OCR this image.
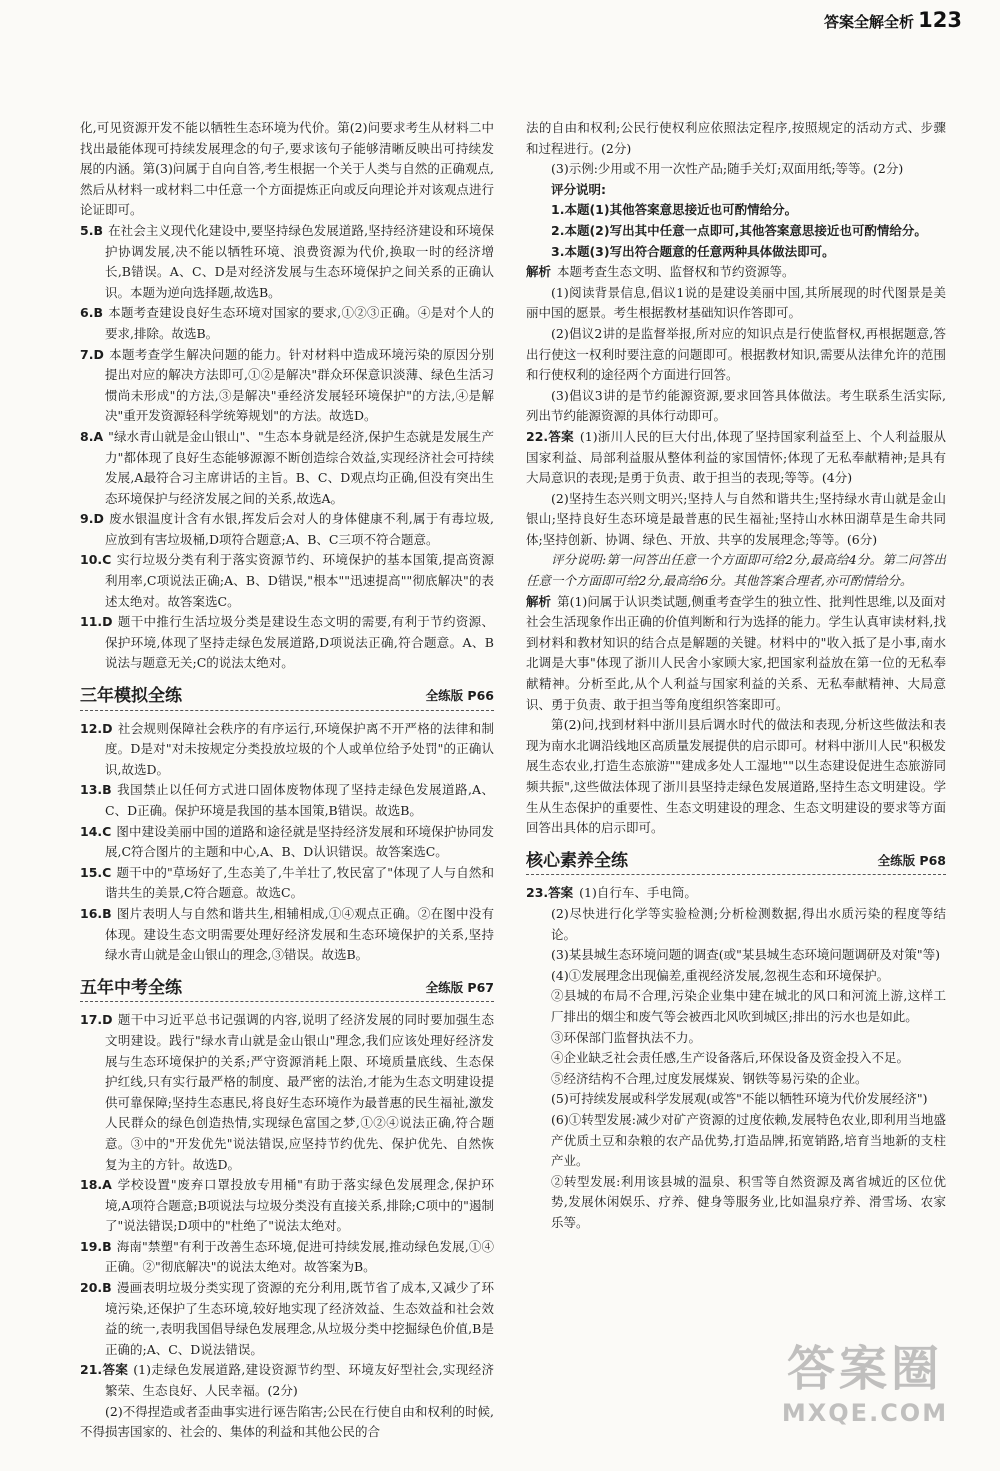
答案全解全析 123

化,可见资源开发不能以牺牲生态环境为代价。第(2)问要求考生从材料二中找出最能体现可持续发展理念的句子,要求该句子能够清晰反映出可持续发展的内涵。第(3)问属于自向自答,考生根据一个关于人类与自然的正确观点,然后从材料一或材料二中任意一个方面提炼正向或反向理论并对该观点进行论证即可。

5.B 在社会主义现代化建设中,要坚持绿色发展道路,坚持经济建设和环境保护协调发展,决不能以牺牲环境、浪费资源为代价,换取一时的经济增长,B错误。A、C、D是对经济发展与生态环境保护之间关系的正确认识。本题为逆向选择题,故选B。

6.B 本题考查建设良好生态环境对国家的要求,①②③正确。④是对个人的要求,排除。故选B。

7.D 本题考查学生解决问题的能力。针对材料中造成环境污染的原因分别提出对应的解决方法即可,①②是解决"群众环保意识淡薄、绿色生活习惯尚未形成"的方法,③是解决"垂经济发展轻环境保护"的方法,④是解决"重开发资源轻科学统筹规划"的方法。故选D。

8.A "绿水青山就是金山银山"、"生态本身就是经济,保护生态就是发展生产力"都体现了良好生态能够源源不断创造综合效益,实现经济社会可持续发展,A最符合习主席讲话的主旨。B、C、D观点均正确,但没有突出生态环境保护与经济发展之间的关系,故选A。

9.D 废水银温度计含有水银,挥发后会对人的身体健康不利,属于有毒垃圾,应放到有害垃圾桶,D项符合题意;A、B、C三项不符合题意。

10.C 实行垃圾分类有利于落实资源节约、环境保护的基本国策,提高资源利用率,C项说法正确;A、B、D错误,"根本""迅速提高""彻底解决"的表述太绝对。故答案选C。

11.D 题干中推行生活垃圾分类是建设生态文明的需要,有利于节约资源、保护环境,体现了坚持走绿色发展道路,D项说法正确,符合题意。A、B说法与题意无关;C的说法太绝对。

三年模拟全练	全练版 P66

12.D 社会规则保障社会秩序的有序运行,环境保护离不开严格的法律和制度。D是对"对未按规定分类投放垃圾的个人或单位给予处罚"的正确认识,故选D。

13.B 我国禁止以任何方式进口固体废物体现了坚持走绿色发展道路,A、C、D正确。保护环境是我国的基本国策,B错误。故选B。

14.C 图中建设美丽中国的道路和途径就是坚持经济发展和环境保护协同发展,C符合图片的主题和中心,A、B、D认识错误。故答案选C。

15.C 题干中的"草场好了,生态美了,牛羊壮了,牧民富了"体现了人与自然和谐共生的美景,C符合题意。故选C。

16.B 图片表明人与自然和谐共生,相辅相成,①④观点正确。②在图中没有体现。建设生态文明需要处理好经济发展和生态环境保护的关系,坚持绿水青山就是金山银山的理念,③错误。故选B。

五年中考全练	全练版 P67

17.D 题干中习近平总书记强调的内容,说明了经济发展的同时要加强生态文明建设。践行"绿水青山就是金山银山"理念,我们应该处理好经济发展与生态环境保护的关系;严守资源消耗上限、环境质量底线、生态保护红线,只有实行最严格的制度、最严密的法治,才能为生态文明建设提供可靠保障;坚持生态惠民,将良好生态环境作为最普惠的民生福祉,激发人民群众的绿色创造热情,实现绿色富国之梦,①②④说法正确,符合题意。③中的"开发优先"说法错误,应坚持节约优先、保护优先、自然恢复为主的方针。故选D。

18.A 学校设置"废弃口罩投放专用桶"有助于落实绿色发展理念,保护环境,A项符合题意;B项说法与垃圾分类没有直接关系,排除;C项中的"遏制了"说法错误;D项中的"杜绝了"说法太绝对。

19.B 海南"禁塑"有利于改善生态环境,促进可持续发展,推动绿色发展,①④正确。②"彻底解决"的说法太绝对。故答案为B。

20.B 漫画表明垃圾分类实现了资源的充分利用,既节省了成本,又减少了环境污染,还保护了生态环境,较好地实现了经济效益、生态效益和社会效益的统一,表明我国倡导绿色发展理念,从垃圾分类中挖掘绿色价值,B是正确的;A、C、D说法错误。

21.答案 (1)走绿色发展道路,建设资源节约型、环境友好型社会,实现经济繁荣、生态良好、人民幸福。(2分)

(2)不得捏造或者歪曲事实进行诬告陷害;公民在行使自由和权利的时候,不得损害国家的、社会的、集体的利益和其他公民的合

法的自由和权利;公民行使权利应依照法定程序,按照规定的活动方式、步骤和过程进行。(2分)

(3)示例:少用或不用一次性产品;随手关灯;双面用纸;等等。(2分)

评分说明:

1.本题(1)其他答案意思接近也可酌情给分。

2.本题(2)写出其中任意一点即可,其他答案意思接近也可酌情给分。

3.本题(3)写出符合题意的任意两种具体做法即可。

解析 本题考查生态文明、监督权和节约资源等。

(1)阅读背景信息,倡议1说的是建设美丽中国,其所展现的时代图景是美丽中国的愿景。考生根据教材基础知识作答即可。

(2)倡议2讲的是监督举报,所对应的知识点是行使监督权,再根据题意,答出行使这一权利时要注意的问题即可。根据教材知识,需要从法律允许的范围和行使权利的途径两个方面进行回答。

(3)倡议3讲的是节约能源资源,要求回答具体做法。考生联系生活实际,列出节约能源资源的具体行动即可。

22.答案 (1)浙川人民的巨大付出,体现了坚持国家利益至上、个人利益服从国家利益、局部利益服从整体利益的家国情怀;体现了无私奉献精神;是具有大局意识的表现;是勇于负责、敢于担当的表现;等等。(4分)

(2)坚持生态兴则文明兴;坚持人与自然和谐共生;坚持绿水青山就是金山银山;坚持良好生态环境是最普惠的民生福祉;坚持山水林田湖草是生命共同体;坚持创新、协调、绿色、开放、共享的发展理念;等等。(6分)

评分说明:第一问答出任意一个方面即可给2分,最高给4分。第二问答出任意一个方面即可给2分,最高给6分。其他答案合理者,亦可酌情给分。

解析 第(1)问属于认识类试题,侧重考查学生的独立性、批判性思维,以及面对社会生活现象作出正确的价值判断和行为选择的能力。学生认真审读材料,找到材料和教材知识的结合点是解题的关键。材料中的"收入抵了是小事,南水北调是大事"体现了浙川人民舍小家顾大家,把国家利益放在第一位的无私奉献精神。分析至此,从个人利益与国家利益的关系、无私奉献精神、大局意识、勇于负责、敢于担当等角度组织答案即可。

第(2)问,找到材料中浙川县后调水时代的做法和表现,分析这些做法和表现为南水北调沿线地区高质量发展提供的启示即可。材料中浙川人民"积极发展生态农业,打造生态旅游""建成多处人工湿地""以生态建设促进生态旅游同频共振",这些做法体现了浙川县坚持走绿色发展道路,坚持生态文明建设。学生从生态保护的重要性、生态文明建设的理念、生态文明建设的要求等方面回答出具体的启示即可。

核心素养全练	全练版 P68

23.答案 (1)自行车、手电筒。

(2)尽快进行化学等实验检测;分析检测数据,得出水质污染的程度等结论。

(3)某县城生态环境问题的调查(或"某县城生态环境问题调研及对策"等)

(4)①发展理念出现偏差,重视经济发展,忽视生态和环境保护。

②县城的布局不合理,污染企业集中建在城北的风口和河流上游,这样工厂排出的烟尘和废气等会被西北风吹到城区;排出的污水也是如此。

③环保部门监督执法不力。

④企业缺乏社会责任感,生产设备落后,环保设备及资金投入不足。

⑤经济结构不合理,过度发展煤炭、钢铁等易污染的企业。

(5)可持续发展或科学发展观(或答"不能以牺牲环境为代价发展经济")

(6)①转型发展:减少对矿产资源的过度依赖,发展特色农业,即利用当地盛产优质土豆和杂粮的农产品优势,打造品牌,拓宽销路,培育当地新的支柱产业。

②转型发展:利用该县城的温泉、积雪等自然资源及离省城近的区位优势,发展休闲娱乐、疗养、健身等服务业,比如温泉疗养、滑雪场、农家乐等。

答案圈
MXQE.COM
